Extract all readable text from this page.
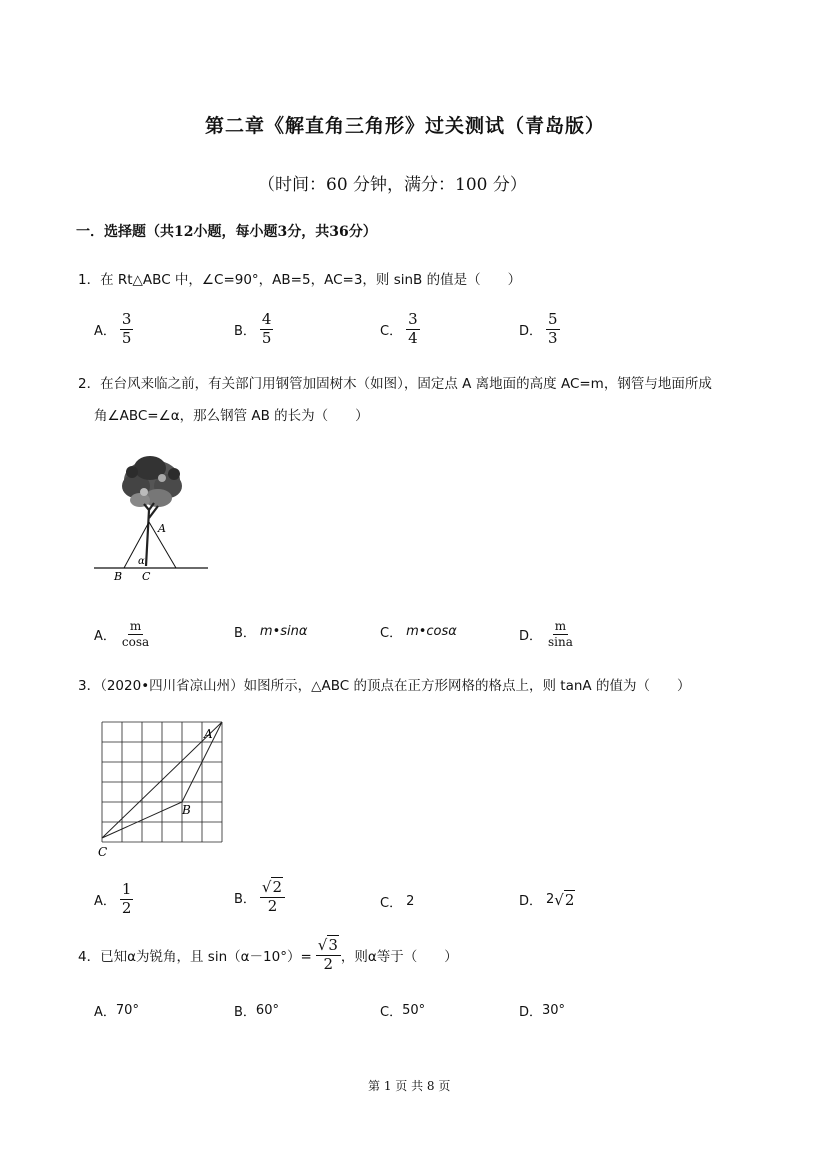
第二章《解直角三角形》过关测试（青岛版）
（时间：60 分钟，满分：100 分）
一．选择题（共12小题，每小题3分，共36分）
1．在 Rt△ABC 中，∠C=90°，AB=5，AC=3，则 sinB 的值是（　　）
A． $\frac{3}{5}$	B． $\frac{4}{5}$	C． $\frac{3}{4}$	D． $\frac{5}{3}$
2．在台风来临之前，有关部门用钢管加固树木（如图），固定点 A 离地面的高度 AC=m，钢管与地面所成
角∠ABC=∠α，那么钢管 AB 的长为（　　）
A
α
B C
A． $\frac{m}{\cos a}$	B． m•sinα	C． m•cosα	D． $\frac{m}{\sin a}$
3．（2020•四川省凉山州）如图所示，△ABC 的顶点在正方形网格的格点上，则 tanA 的值为（　　）
A
B
C
A． $\frac{1}{2}$	B． $\frac{√2}{2}$	C． 2	D． 2 √2
4．已知α为锐角，且 $\sin(\alpha-10^\circ)= \frac{√3}{2}$ ，则α等于（　　）
A． 70°	B． 60°	C． 50°	D． 30°
第 1 页 共 8 页
